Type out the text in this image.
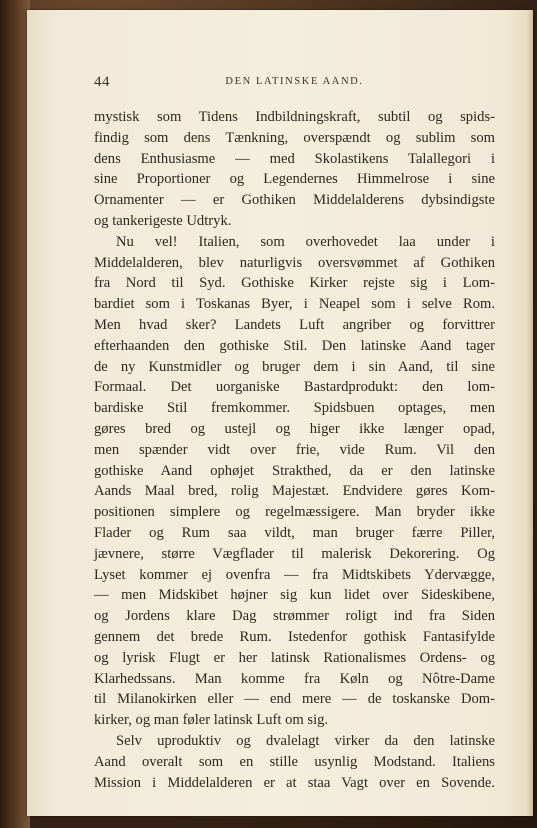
44	DEN LATINSKE AAND.
mystisk som Tidens Indbildningskraft, subtil og spids-
findig som dens Tænkning, overspændt og sublim som
dens Enthusiasme — med Skolastikens Talallegori i
sine Proportioner og Legendernes Himmelrose i sine
Ornamenter — er Gothiken Middelalderens dybsindigste
og tankerigeste Udtryk.
Nu vel! Italien, som overhovedet laa under i
Middelalderen, blev naturligvis oversvømmet af Gothiken
fra Nord til Syd. Gothiske Kirker rejste sig i Lom-
bardiet som i Toskanas Byer, i Neapel som i selve Rom.
Men hvad sker? Landets Luft angriber og forvittrer
efterhaanden den gothiske Stil. Den latinske Aand tager
de ny Kunstmidler og bruger dem i sin Aand, til sine
Formaal. Det uorganiske Bastardprodukt: den lom-
bardiske Stil fremkommer. Spidsbuen optages, men
gøres bred og ustejl og higer ikke længer opad,
men spænder vidt over frie, vide Rum. Vil den
gothiske Aand ophøjet Strakthed, da er den latinske
Aands Maal bred, rolig Majestæt. Endvidere gøres Kom-
positionen simplere og regelmæssigere. Man bryder ikke
Flader og Rum saa vildt, man bruger færre Piller,
jævnere, større Vægflader til malerisk Dekorering. Og
Lyset kommer ej ovenfra — fra Midtskibets Ydervægge,
— men Midskibet højner sig kun lidet over Sideskibene,
og Jordens klare Dag strømmer roligt ind fra Siden
gennem det brede Rum. Istedenfor gothisk Fantasifylde
og lyrisk Flugt er her latinsk Rationalismes Ordens- og
Klarhedssans. Man komme fra Køln og Nôtre-Dame
til Milanokirken eller — end mere — de toskanske Dom-
kirker, og man føler latinsk Luft om sig.
Selv uproduktiv og dvalelagt virker da den latinske
Aand overalt som en stille usynlig Modstand. Italiens
Mission i Middelalderen er at staa Vagt over en Sovende.
